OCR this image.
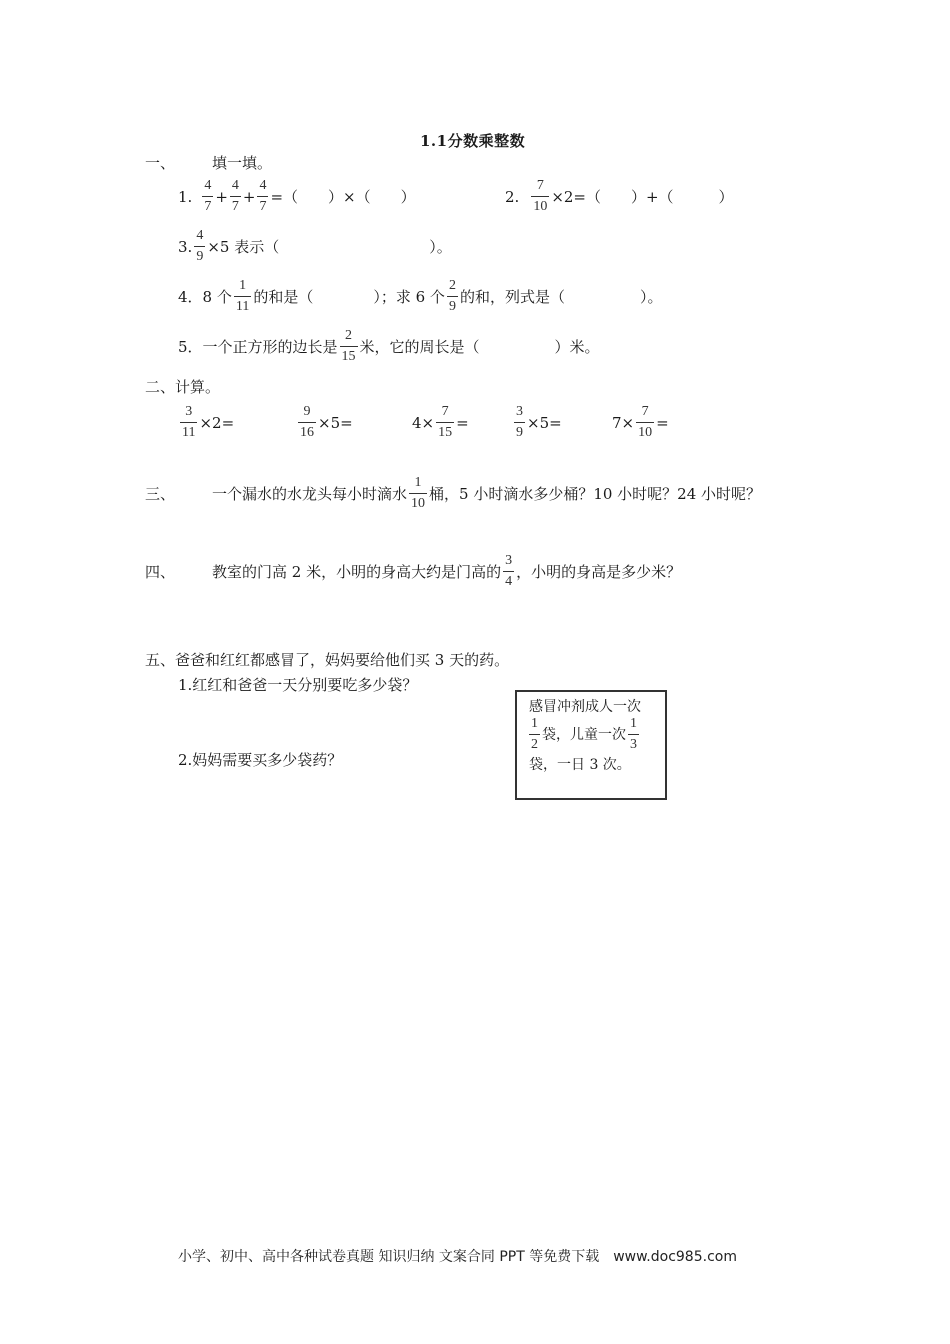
1.1分数乘整数
一、 填一填。
1. $\frac{4}{7} + \frac{4}{7} + \frac{4}{7}$ =（　　）×（　　）	2. $\frac{7}{10} \times 2=$（　　）+（　　　）
3. $\frac{4}{9} \times 5$ 表示（　　　　　　　　　　）。
4．8 个 $\frac{1}{11}$ 的和是（　　　　）；求 6 个 $\frac{2}{9}$ 的和，列式是（　　　　　）。
5．一个正方形的边长是 $\frac{2}{15}$ 米，它的周长是（　　　　　）米。
二、计算。
$\frac{3}{11} \times 2=$	$\frac{9}{16} \times 5=$	$4\times \frac{7}{15}$ =	$\frac{3}{9} \times 5=$	$7\times \frac{7}{10}$ =
三、 一个漏水的水龙头每小时滴水 $\frac{1}{10}$ 桶，5 小时滴水多少桶？10 小时呢？24 小时呢？
四、 教室的门高 2 米，小明的身高大约是门高的 $\frac{3}{4}$ ，小明的身高是多少米？
五、爸爸和红红都感冒了，妈妈要给他们买 3 天的药。
1.红红和爸爸一天分别要吃多少袋？
2.妈妈需要买多少袋药？
感冒冲剂成人一次
$\frac{1}{2}$ 袋，儿童一次 $\frac{1}{3}$
袋，一日 3 次。
小学、初中、高中各种试卷真题 知识归纳 文案合同 PPT 等免费下载　www.doc985.com
